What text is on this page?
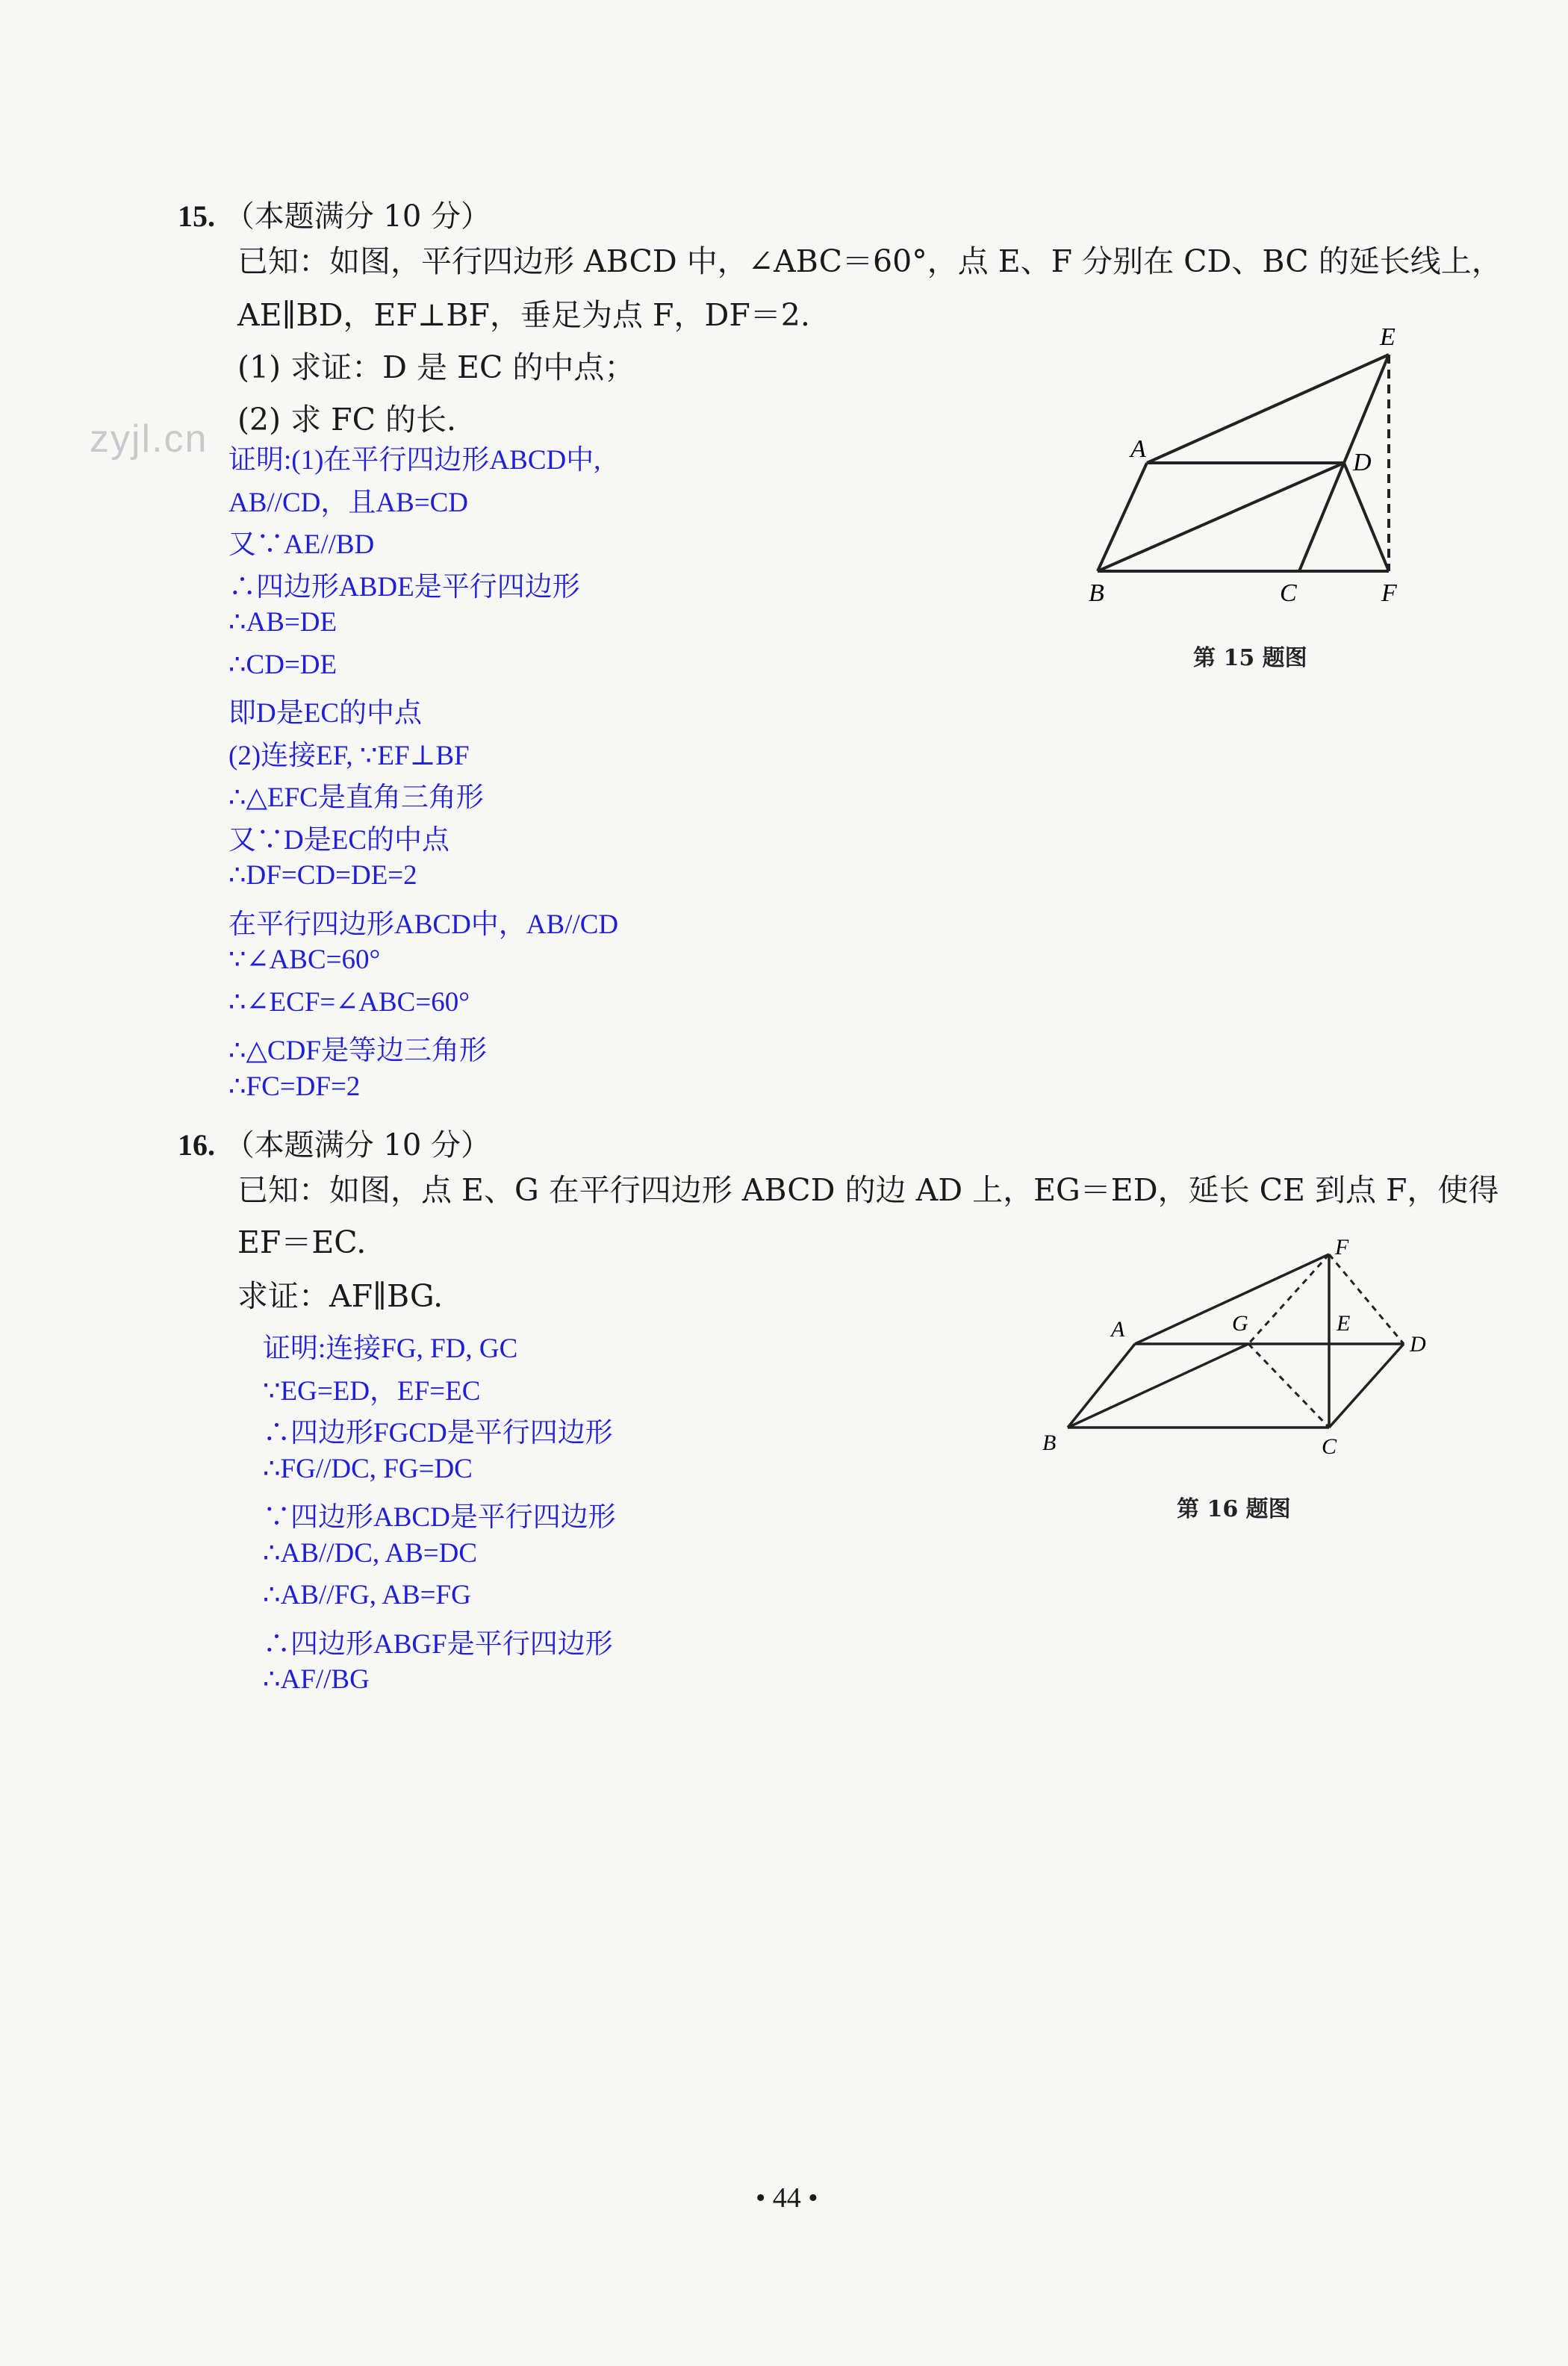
zyjl.cn
15. （本题满分 10 分）
已知：如图，平行四边形 ABCD 中，∠ABC＝60°，点 E、F 分别在 CD、BC 的延长线上，
AE∥BD，EF⊥BF，垂足为点 F，DF＝2.
(1) 求证：D 是 EC 的中点；
(2) 求 FC 的长.
证明:(1)在平行四边形ABCD中,
AB//CD，且AB=CD
又∵AE//BD
∴四边形ABDE是平行四边形
∴AB=DE
∴CD=DE
即D是EC的中点
(2)连接EF, ∵EF⊥BF
∴△EFC是直角三角形
又∵D是EC的中点
∴DF=CD=DE=2
在平行四边形ABCD中，AB//CD
∵∠ABC=60°
∴∠ECF=∠ABC=60°
∴△CDF是等边三角形
∴FC=DF=2
A
B	C
D
E
F
第 15 题图
16. （本题满分 10 分）
已知：如图，点 E、G 在平行四边形 ABCD 的边 AD 上，EG＝ED，延长 CE 到点 F，使得
EF＝EC.
求证：AF∥BG.
证明:连接FG, FD, GC
∵EG=ED，EF=EC
∴四边形FGCD是平行四边形
∴FG//DC, FG=DC
∵四边形ABCD是平行四边形
∴AB//DC, AB=DC
∴AB//FG, AB=FG
∴四边形ABGF是平行四边形
∴AF//BG
A
B	C
D
E
F
G
第 16 题图
• 44 •
